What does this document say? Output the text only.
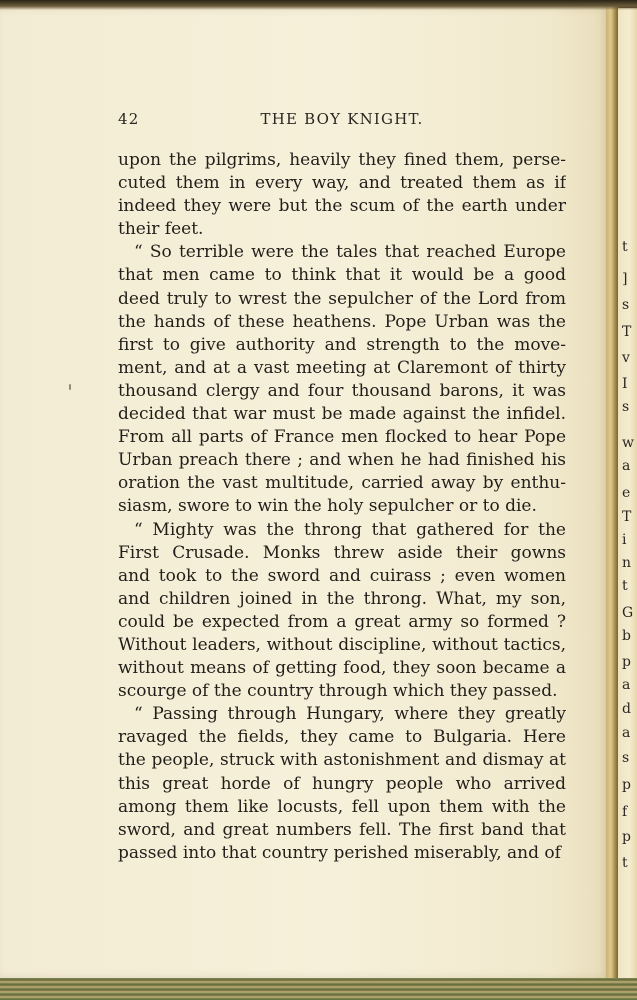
42	THE BOY KNIGHT.
upon the pilgrims, heavily they fined them, perse-
cuted them in every way, and treated them as if
indeed they were but the scum of the earth under
their feet.
“ So terrible were the tales that reached Europe
that men came to think that it would be a good
deed truly to wrest the sepulcher of the Lord from
the hands of these heathens. Pope Urban was the
first to give authority and strength to the move-
ment, and at a vast meeting at Claremont of thirty
thousand clergy and four thousand barons, it was
decided that war must be made against the infidel.
From all parts of France men flocked to hear Pope
Urban preach there ; and when he had finished his
oration the vast multitude, carried away by enthu-
siasm, swore to win the holy sepulcher or to die.
“ Mighty was the throng that gathered for the
First Crusade. Monks threw aside their gowns
and took to the sword and cuirass ; even women
and children joined in the throng. What, my son,
could be expected from a great army so formed ?
Without leaders, without discipline, without tactics,
without means of getting food, they soon became a
scourge of the country through which they passed.
“ Passing through Hungary, where they greatly
ravaged the fields, they came to Bulgaria. Here
the people, struck with astonishment and dismay at
this great horde of hungry people who arrived
among them like locusts, fell upon them with the
sword, and great numbers fell. The first band that
passed into that country perished miserably, and of
t
]
s
T
v
I
s
w
a
e
T
i
n
t
G
b
p
a
d
a
s
p
f
p
t
